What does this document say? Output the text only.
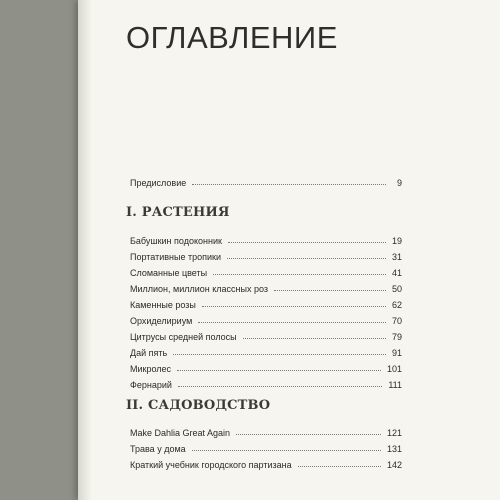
ОГЛАВЛЕНИЕ
Предисловие	9
I. РАСТЕНИЯ
Бабушкин подоконник	19
Портативные тропики	31
Сломанные цветы	41
Миллион, миллион классных роз	50
Каменные розы	62
Орхиделириум	70
Цитрусы средней полосы	79
Дай пять	91
Микролес	101
Фернарий	111
II. САДОВОДСТВО
Make Dahlia Great Again	121
Трава у дома	131
Краткий учебник городского партизана	142
